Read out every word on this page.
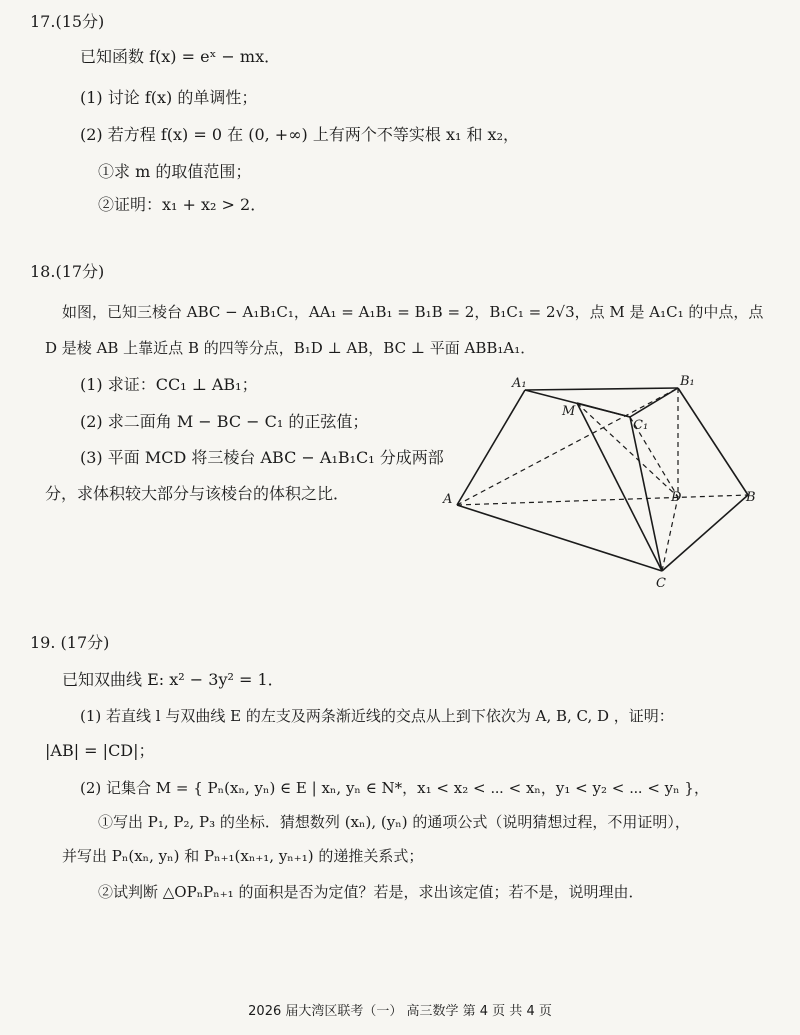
17.(15分)
已知函数 f(x) = eˣ − mx．
(1) 讨论 f(x) 的单调性；
(2) 若方程 f(x) = 0 在 (0, +∞) 上有两个不等实根 x₁ 和 x₂，
①求 m 的取值范围；
②证明：x₁ + x₂ > 2．
18.(17分)
如图，已知三棱台 ABC − A₁B₁C₁，AA₁ = A₁B₁ = B₁B = 2，B₁C₁ = 2√3，点 M 是 A₁C₁ 的中点，点
D 是棱 AB 上靠近点 B 的四等分点，B₁D ⊥ AB，BC ⊥ 平面 ABB₁A₁．
(1) 求证：CC₁ ⊥ AB₁；
(2) 求二面角 M − BC − C₁ 的正弦值；
(3) 平面 MCD 将三棱台 ABC − A₁B₁C₁ 分成两部
分，求体积较大部分与该棱台的体积之比．
A₁	B₁
M
C₁
A	D	B
C
19. (17分)
已知双曲线 E: x² − 3y² = 1．
(1) 若直线 l 与双曲线 E 的左支及两条渐近线的交点从上到下依次为 A, B, C, D ，证明：
|AB| = |CD|；
(2) 记集合 M = { Pₙ(xₙ, yₙ) ∈ E | xₙ, yₙ ∈ N*，x₁ < x₂ < ⋯ < xₙ，y₁ < y₂ < ⋯ < yₙ }，
①写出 P₁, P₂, P₃ 的坐标．猜想数列 (xₙ), (yₙ) 的通项公式（说明猜想过程，不用证明），
并写出 Pₙ(xₙ, yₙ) 和 Pₙ₊₁(xₙ₊₁, yₙ₊₁) 的递推关系式；
②试判断 △OPₙPₙ₊₁ 的面积是否为定值？若是，求出该定值；若不是，说明理由．
2026 届大湾区联考（一） 高三数学 第 4 页 共 4 页
